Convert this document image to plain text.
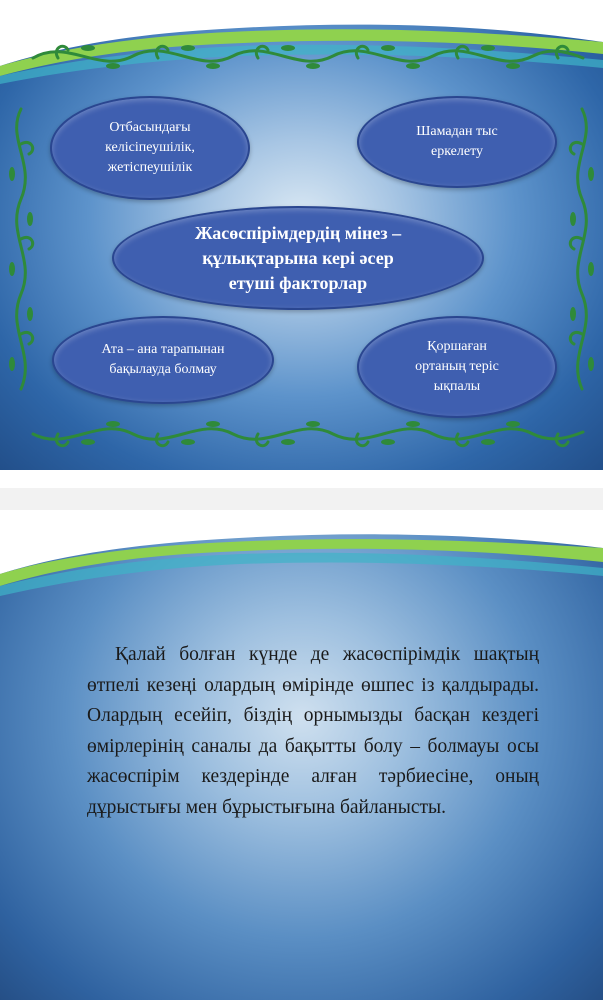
Отбасындағы
келісіпеушілік,
жетіспеушілік
Шамадан тыс
еркелету
Жасөспірімдердің мінез –
құлықтарына кері әсер
етуші факторлар
Ата – ана тарапынан
бақылауда болмау
Қоршаған
ортаның теріс
ықпалы
Қалай болған күнде де жасөспірімдік шақтың өтпелі кезеңі олардың өмірінде өшпес із қалдырады. Олардың есейіп, біздің орнымызды басқан кездегі өмірлерінің саналы да бақытты болу – болмауы осы жасөспірім кездерінде алған тәрбиесіне, оның дұрыстығы мен бұрыстығына байланысты.
